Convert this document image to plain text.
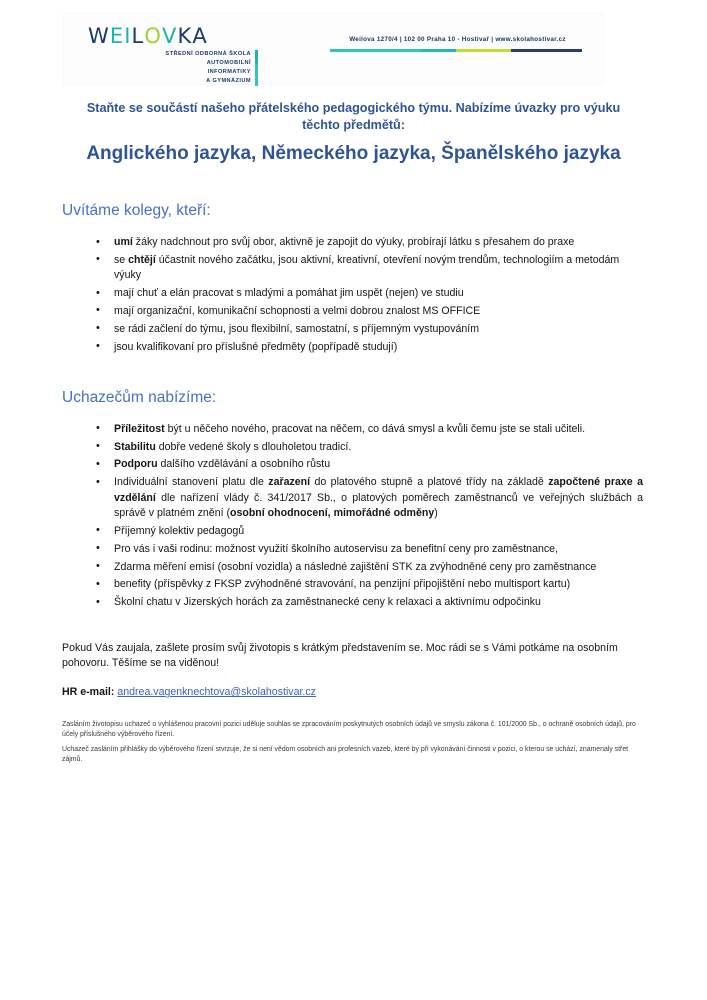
WEILOVKA
STŘEDNÍ ODBORNÁ ŠKOLA
AUTOMOBILNÍ
INFORMATIKY
A GYMNÁZIUM
Weilova 1270/4 | 102 00 Praha 10 - Hostivař | www.skolahostivar.cz

Staňte se součástí našeho přátelského pedagogického týmu. Nabízíme úvazky pro výuku těchto předmětů:

Anglického jazyka, Německého jazyka, Španělského jazyka
Uvítáme kolegy, kteří:
• umí žáky nadchnout pro svůj obor, aktivně je zapojit do výuky, probírají látku s přesahem do praxe
• se chtějí účastnit nového začátku, jsou aktivní, kreativní, otevření novým trendům, technologiím a metodám výuky
• mají chuť a elán pracovat s mladými a pomáhat jim uspět (nejen) ve studiu
• mají organizační, komunikační schopnosti a velmi dobrou znalost MS OFFICE
• se rádi začlení do týmu, jsou flexibilní, samostatní, s příjemným vystupováním
• jsou kvalifikovaní pro příslušné předměty (popřípadě studují)
Uchazečům nabízíme:
• Příležitost být u něčeho nového, pracovat na něčem, co dává smysl a kvůli čemu jste se stali učiteli.
• Stabilitu dobře vedené školy s dlouholetou tradicí.
• Podporu dalšího vzdělávání a osobního růstu
• Individuální stanovení platu dle zařazení do platového stupně a platové třídy na základě započtené praxe a vzdělání dle nařízení vlády č. 341/2017 Sb., o platových poměrech zaměstnanců ve veřejných službách a správě v platném znění (osobní ohodnocení, mimořádné odměny)
• Příjemný kolektiv pedagogů
• Pro vás i vaši rodinu: možnost využití školního autoservisu za benefitní ceny pro zaměstnance,
• Zdarma měření emisí (osobní vozidla) a následné zajištění STK za zvýhodněné ceny pro zaměstnance
• benefity (příspěvky z FKSP zvýhodněné stravování, na penzijní připojištění nebo multisport kartu)
• Školní chatu v Jizerských horách za zaměstnanecké ceny k relaxaci a aktivnímu odpočinku

Pokud Vás zaujala, zašlete prosím svůj životopis s krátkým představením se. Moc rádi se s Vámi potkáme na osobním pohovoru. Těšíme se na viděnou!

HR e-mail: andrea.vagenknechtova@skolahostivar.cz

Zasláním životopisu uchazeč o vyhlášenou pracovní pozici uděluje souhlas se zpracováním poskytnutých osobních údajů ve smyslu zákona č. 101/2000 Sb., o ochraně osobních údajů, pro účely příslušného výběrového řízení.

Uchazeč zasláním přihlášky do výběrového řízení stvrzuje, že si není vědom osobních ani profesních vazeb, které by při vykonávání činnosti v pozici, o kterou se uchází, znamenaly střet zájmů.
